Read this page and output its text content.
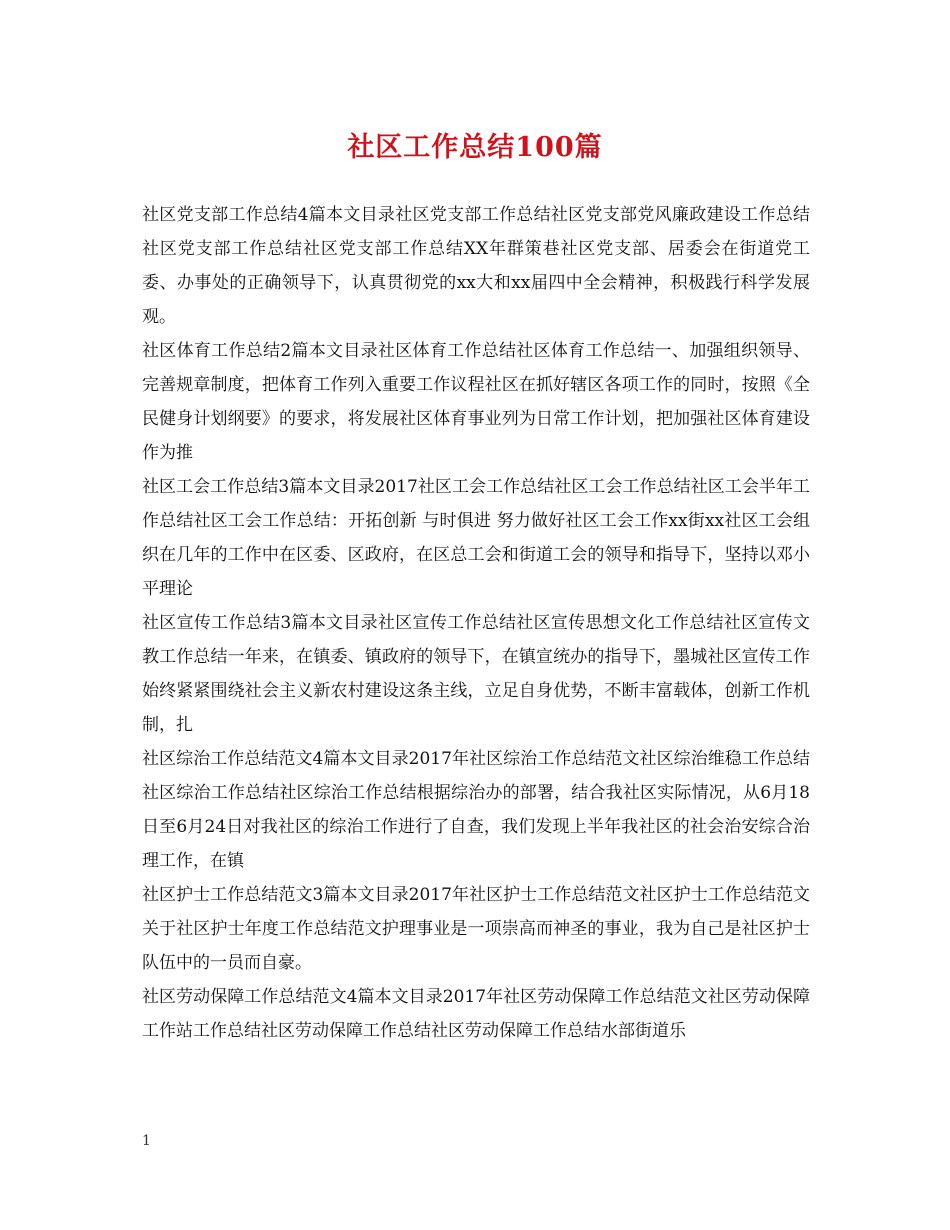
社区工作总结100篇

社区党支部工作总结4篇本文目录社区党支部工作总结社区党支部党风廉政建设工作总结社区党支部工作总结社区党支部工作总结XX年群策巷社区党支部、居委会在街道党工委、办事处的正确领导下，认真贯彻党的xx大和xx届四中全会精神，积极践行科学发展观。

社区体育工作总结2篇本文目录社区体育工作总结社区体育工作总结一、加强组织领导、完善规章制度，把体育工作列入重要工作议程社区在抓好辖区各项工作的同时，按照《全民健身计划纲要》的要求，将发展社区体育事业列为日常工作计划，把加强社区体育建设作为推

社区工会工作总结3篇本文目录2017社区工会工作总结社区工会工作总结社区工会半年工作总结社区工会工作总结：开拓创新 与时俱进 努力做好社区工会工作xx街xx社区工会组织在几年的工作中在区委、区政府，在区总工会和街道工会的领导和指导下，坚持以邓小平理论

社区宣传工作总结3篇本文目录社区宣传工作总结社区宣传思想文化工作总结社区宣传文教工作总结一年来，在镇委、镇政府的领导下，在镇宣统办的指导下，墨城社区宣传工作始终紧紧围绕社会主义新农村建设这条主线，立足自身优势，不断丰富载体，创新工作机制，扎

社区综治工作总结范文4篇本文目录2017年社区综治工作总结范文社区综治维稳工作总结社区综治工作总结社区综治工作总结根据综治办的部署，结合我社区实际情况，从6月18日至6月24日对我社区的综治工作进行了自查，我们发现上半年我社区的社会治安综合治理工作，在镇

社区护士工作总结范文3篇本文目录2017年社区护士工作总结范文社区护士工作总结范文关于社区护士年度工作总结范文护理事业是一项崇高而神圣的事业，我为自己是社区护士队伍中的一员而自豪。

社区劳动保障工作总结范文4篇本文目录2017年社区劳动保障工作总结范文社区劳动保障工作站工作总结社区劳动保障工作总结社区劳动保障工作总结水部街道乐

1
